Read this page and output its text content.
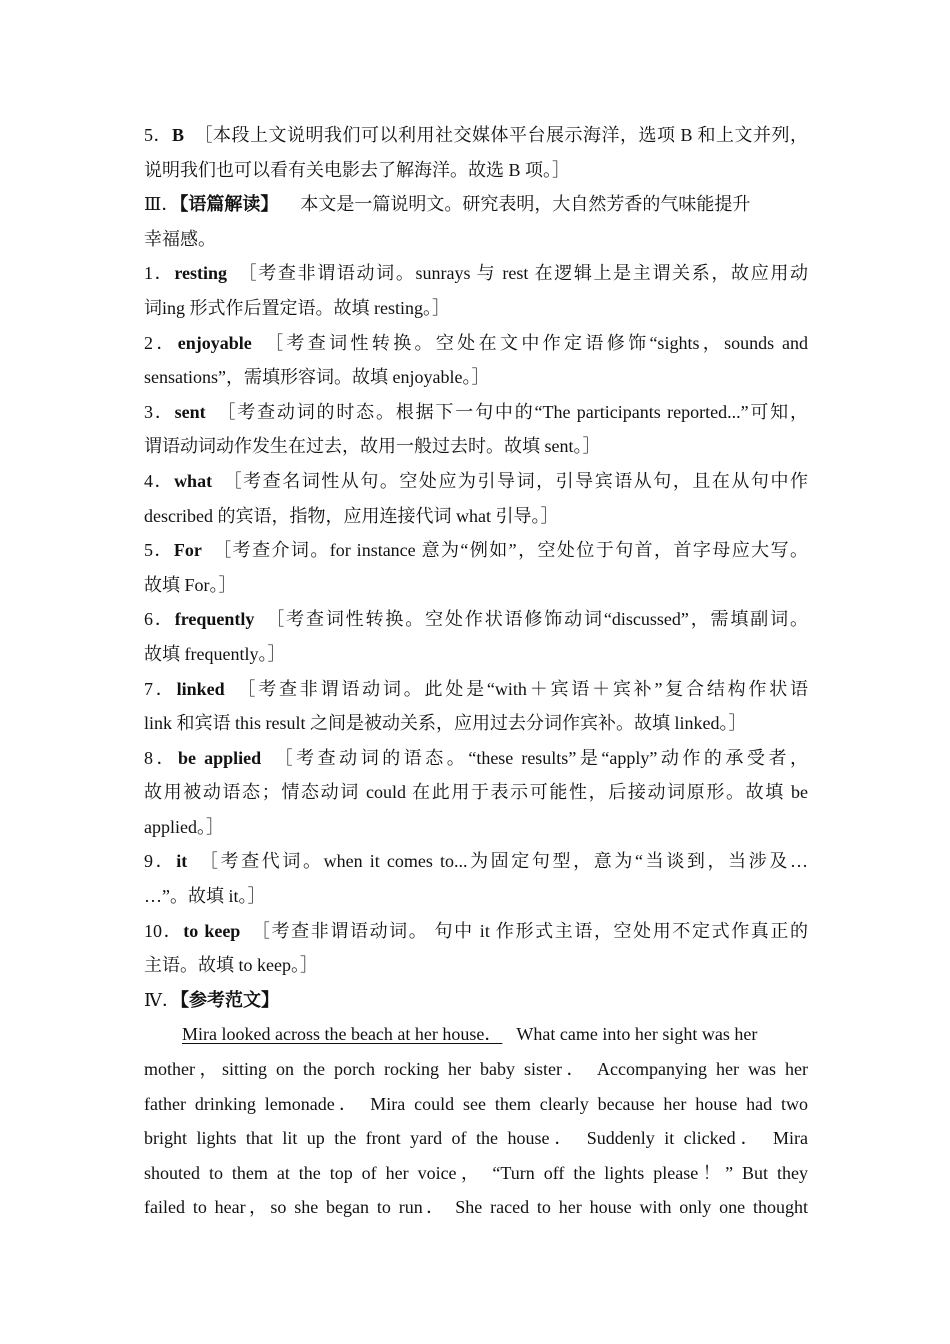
5．B ［本段上文说明我们可以利用社交媒体平台展示海洋，选项 B 和上文并列，
说明我们也可以看有关电影去了解海洋。故选 B 项。］
Ⅲ．【语篇解读】 本文是一篇说明文。研究表明，大自然芳香的气味能提升
幸福感。
1．resting ［考查非谓语动词。sunrays 与 rest 在逻辑上是主谓关系，故应用动
词ing 形式作后置定语。故填 resting。］
2．enjoyable ［考查词性转换。空处在文中作定语修饰“sights，sounds and
sensations”，需填形容词。故填 enjoyable。］
3．sent ［考查动词的时态。根据下一句中的“The participants reported...”可知，
谓语动词动作发生在过去，故用一般过去时。故填 sent。］
4．what ［考查名词性从句。空处应为引导词，引导宾语从句，且在从句中作
described 的宾语，指物，应用连接代词 what 引导。］
5．For ［考查介词。for instance 意为“例如”，空处位于句首，首字母应大写。
故填 For。］
6．frequently ［考查词性转换。空处作状语修饰动词“discussed”，需填副词。
故填 frequently。］
7．linked ［考查非谓语动词。此处是“with＋宾语＋宾补”复合结构作状语
link 和宾语 this result 之间是被动关系，应用过去分词作宾补。故填 linked。］
8．be applied ［考查动词的语态。“these results”是“apply”动作的承受者，
故用被动语态；情态动词 could 在此用于表示可能性，后接动词原形。故填 be
applied。］
9．it ［考查代词。when it comes to...为固定句型，意为“当谈到，当涉及…
…”。故填 it。］
10．to keep ［考查非谓语动词。 句中 it 作形式主语，空处用不定式作真正的
主语。故填 to keep。］
Ⅳ．【参考范文】
Mira looked across the beach at her house． What came into her sight was her
mother，sitting on the porch rocking her baby sister． Accompanying her was her
father drinking lemonade． Mira could see them clearly because her house had two
bright lights that lit up the front yard of the house． Suddenly it clicked． Mira
shouted to them at the top of her voice， “Turn off the lights please！” But they
failed to hear，so she began to run． She raced to her house with only one thought
